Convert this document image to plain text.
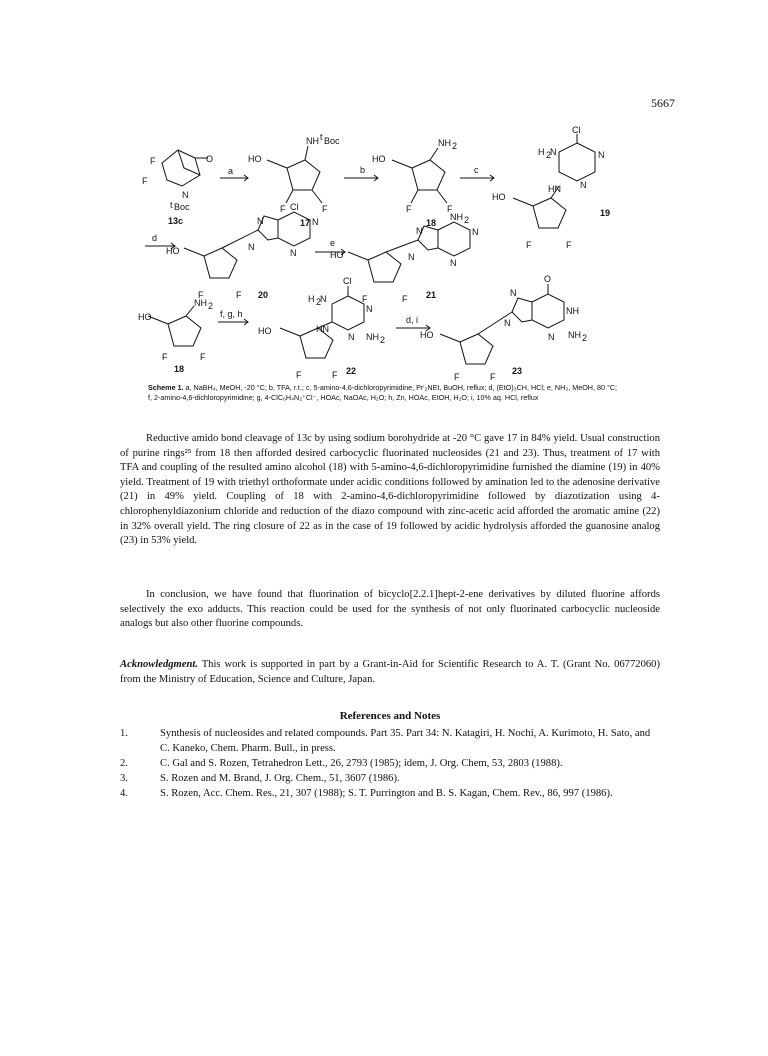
5667
F
F
O
N
t Boc
13c
a
HO
NH t Boc
F	F
17
b
HO
NH 2
F	F
18
c
Cl
H 2
N	N
N
HN
HO
F	F
19
d
Cl
N	N
N
N
HO
F	F 20
e
NH 2
N	N
N
N
HO
F	F 21
HO
NH 2
F	F
18
f, g, h
Cl
H 2
N
N
N NH 2
HN
HO
F	F 22
d, i
O
NH
N NH 2
N
N
HO
F	F
23
Scheme 1. a, NaBH₄, MeOH, -20 °C; b, TFA, r.t.; c, 5-amino-4,6-dichloropyrimidine, Prⁱ₂NEt, BuOH, reflux; d, (EtO)₃CH, HCl; e, NH₃, MeOH, 80 °C; f, 2-amino-4,6-dichloropyrimidine; g, 4-ClC₆H₄N₂⁺Cl⁻, HOAc, NaOAc, H₂O; h, Zn, HOAc, EtOH, H₂O; i, 10% aq. HCl, reflux

Reductive amido bond cleavage of 13c by using sodium borohydride at -20 °C gave 17 in 84% yield. Usual construction of purine rings²⁵ from 18 then afforded desired carbocyclic fluorinated nucleosides (21 and 23). Thus, treatment of 17 with TFA and coupling of the resulted amino alcohol (18) with 5-amino-4,6-dichloropyrimidine furnished the diamine (19) in 40% yield. Treatment of 19 with triethyl orthoformate under acidic conditions followed by amination led to the adenosine derivative (21) in 49% yield. Coupling of 18 with 2-amino-4,6-dichloropyrimidine followed by diazotization using 4-chlorophenyldiazonium chloride and reduction of the diazo compound with zinc-acetic acid afforded the aromatic amine (22) in 32% overall yield. The ring closure of 22 as in the case of 19 followed by acidic hydrolysis afforded the guanosine analog (23) in 53% yield.

In conclusion, we have found that fluorination of bicyclo[2.2.1]hept-2-ene derivatives by diluted fluorine affords selectively the exo adducts. This reaction could be used for the synthesis of not only fluorinated carbocyclic nucleoside analogs but also other fluorine compounds.

Acknowledgment. This work is supported in part by a Grant-in-Aid for Scientific Research to A. T. (Grant No. 06772060) from the Ministry of Education, Science and Culture, Japan.

References and Notes
1.	Synthesis of nucleosides and related compounds. Part 35. Part 34: N. Katagiri, H. Nochi, A. Kurimoto, H. Sato, and C. Kaneko, Chem. Pharm. Bull., in press.
2.	C. Gal and S. Rozen, Tetrahedron Lett., 26, 2793 (1985); idem, J. Org. Chem, 53, 2803 (1988).
3.	S. Rozen and M. Brand, J. Org. Chem., 51, 3607 (1986).
4.	S. Rozen, Acc. Chem. Res., 21, 307 (1988); S. T. Purrington and B. S. Kagan, Chem. Rev., 86, 997 (1986).
